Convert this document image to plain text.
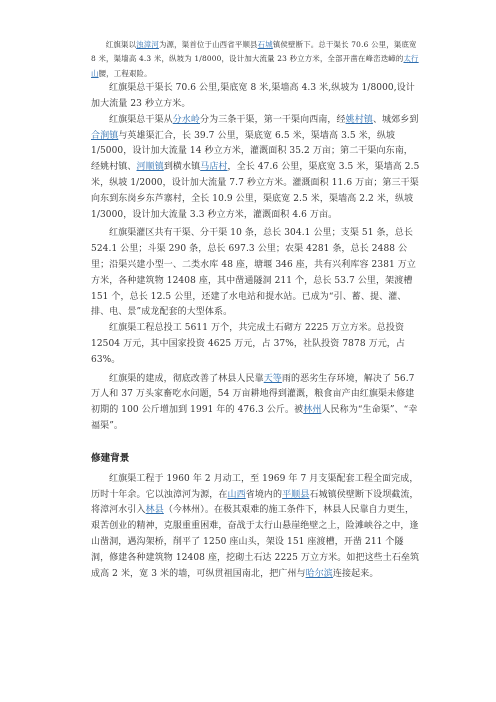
红旗渠以浊漳河为源，渠首位于山西省平顺县石城镇侯壁断下。总干渠长 70.6 公里，渠底宽 8 米，渠墙高 4.3 米，纵坡为 1/8000，设计加大流量 23 秒立方米，全部开凿在峰峦迭嶂的太行山腰，工程艰险。

红旗渠总干渠长 70.6 公里,渠底宽 8 米,渠墙高 4.3 米,纵坡为 1/8000,设计加大流量 23 秒立方米。

红旗渠总干渠从分水岭分为三条干渠，第一干渠向西南，经姚村镇、城郊乡到合涧镇与英雄渠汇合，长 39.7 公里，渠底宽 6.5 米，渠墙高 3.5 米，纵坡 1/5000，设计加大流量 14 秒立方米，灌溉面积 35.2 万亩；第二干渠向东南，经姚村镇、河顺镇到横水镇马店村，全长 47.6 公里，渠底宽 3.5 米，渠墙高 2.5 米，纵坡 1/2000，设计加大流量 7.7 秒立方米。灌溉面积 11.6 万亩；第三干渠向东到东岗乡东芦寨村，全长 10.9 公里，渠底宽 2.5 米，渠墙高 2.2 米，纵坡 1/3000，设计加大流量 3.3 秒立方米，灌溉面积 4.6 万亩。

红旗渠灌区共有干渠、分干渠 10 条，总长 304.1 公里；支渠 51 条，总长 524.1 公里；斗渠 290 条，总长 697.3 公里；农渠 4281 条，总长 2488 公里；沿渠兴建小型一、二类水库 48 座，塘堰 346 座，共有兴利库容 2381 万立方米，各种建筑物 12408 座，其中凿通隧洞 211 个，总长 53.7 公里，架渡槽 151 个，总长 12.5 公里，还建了水电站和提水站。已成为“引、蓄、提、灌、排、电、景”成龙配套的大型体系。

红旗渠工程总投工 5611 万个，共完成土石砌方 2225 万立方米。总投资 12504 万元，其中国家投资 4625 万元，占 37%，社队投资 7878 万元，占 63%。

红旗渠的建成，彻底改善了林县人民靠天等雨的恶劣生存环境，解决了 56.7 万人和 37 万头家畜吃水问题，54 万亩耕地得到灌溉，粮食亩产由红旗渠未修建初期的 100 公斤增加到 1991 年的 476.3 公斤。被林州人民称为“生命渠”、“幸福渠”。

修建背景

红旗渠工程于 1960 年 2 月动工，至 1969 年 7 月支渠配套工程全面完成，历时十年余。它以浊漳河为源，在山西省境内的平顺县石城镇侯壁断下设坝截流，将漳河水引入林县（今林州）。在极其艰难的施工条件下，林县人民靠自力更生，艰苦创业的精神，克服重重困难，奋战于太行山悬崖绝壁之上，险滩峡谷之中，逢山凿洞，遇沟架桥，削平了 1250 座山头，架设 151 座渡槽，开凿 211 个隧洞，修建各种建筑物 12408 座，挖砌土石达 2225 万立方米。如把这些土石垒筑成高 2 米，宽 3 米的墙，可纵贯祖国南北，把广州与哈尔滨连接起来。
